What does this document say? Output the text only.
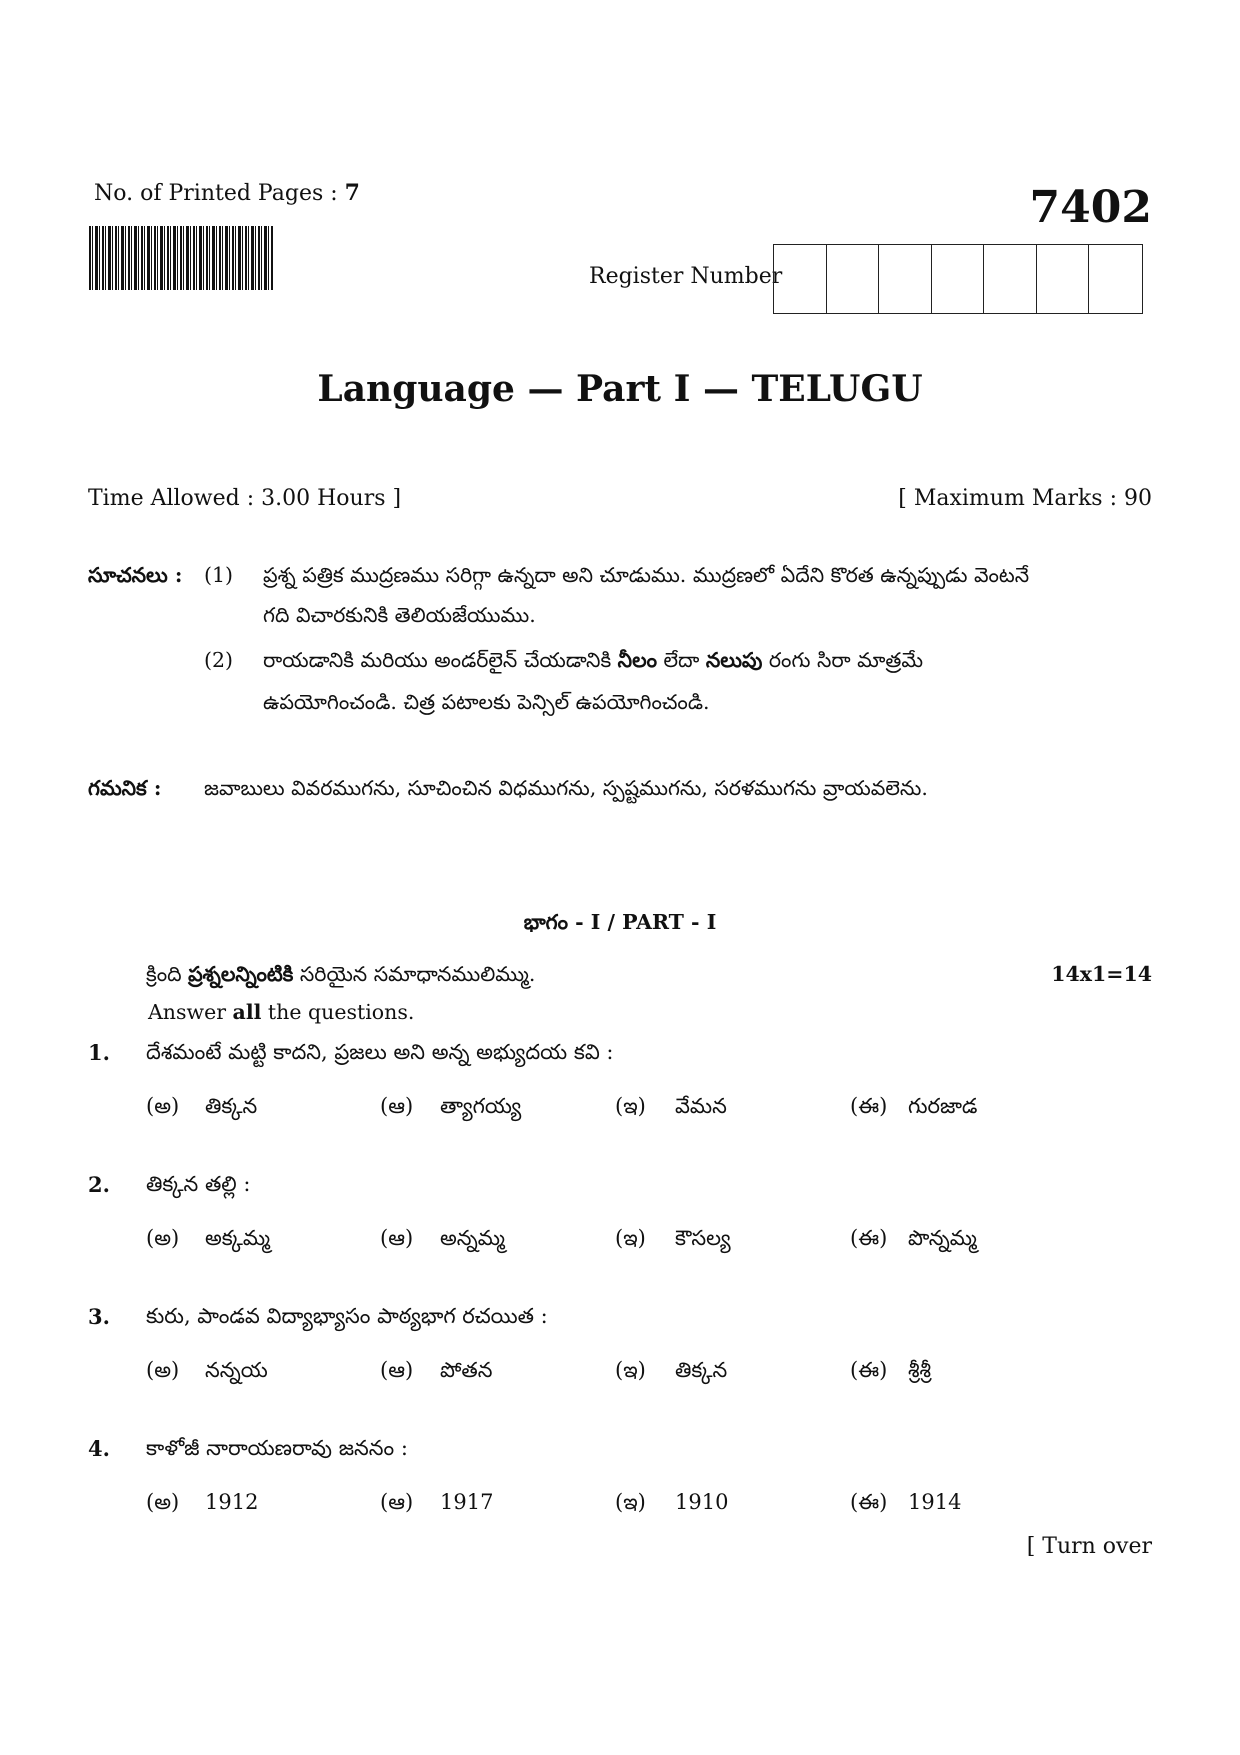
No. of Printed Pages : 7	7402
Register Number
Language — Part I — TELUGU
Time Allowed : 3.00 Hours ]	[ Maximum Marks : 90
సూచనలు : (1) ప్రశ్న పత్రిక ముద్రణము సరిగ్గా ఉన్నదా అని చూడుము. ముద్రణలో ఏదేని కొరత ఉన్నప్పుడు వెంటనే
గది విచారకునికి తెలియజేయుము.
(2) రాయడానికి మరియు అండర్‌లైన్ చేయడానికి నీలం లేదా నలుపు రంగు సిరా మాత్రమే
ఉపయోగించండి. చిత్ర పటాలకు పెన్సిల్ ఉపయోగించండి.
గమనిక : జవాబులు వివరముగను, సూచించిన విధముగను, స్పష్టముగను, సరళముగను వ్రాయవలెను.
భాగం - I / PART - I
క్రింది ప్రశ్నలన్నింటికి సరియైన సమాధానములిమ్ము.	14x1=14
Answer all the questions.
1. దేశమంటే మట్టి కాదని, ప్రజలు అని అన్న అభ్యుదయ కవి :
(అ) తిక్కన	(ఆ) త్యాగయ్య	(ఇ) వేమన	(ఈ) గురజాడ
2. తిక్కన తల్లి :
(అ) అక్కమ్మ	(ఆ) అన్నమ్మ	(ఇ) కౌసల్య	(ఈ) పొన్నమ్మ
3. కురు, పాండవ విద్యాభ్యాసం పాఠ్యభాగ రచయిత :
(అ) నన్నయ	(ఆ) పోతన	(ఇ) తిక్కన	(ఈ) శ్రీశ్రీ
4. కాళోజీ నారాయణరావు జననం :
(అ) 1912	(ఆ) 1917	(ఇ) 1910	(ఈ) 1914
[ Turn over
